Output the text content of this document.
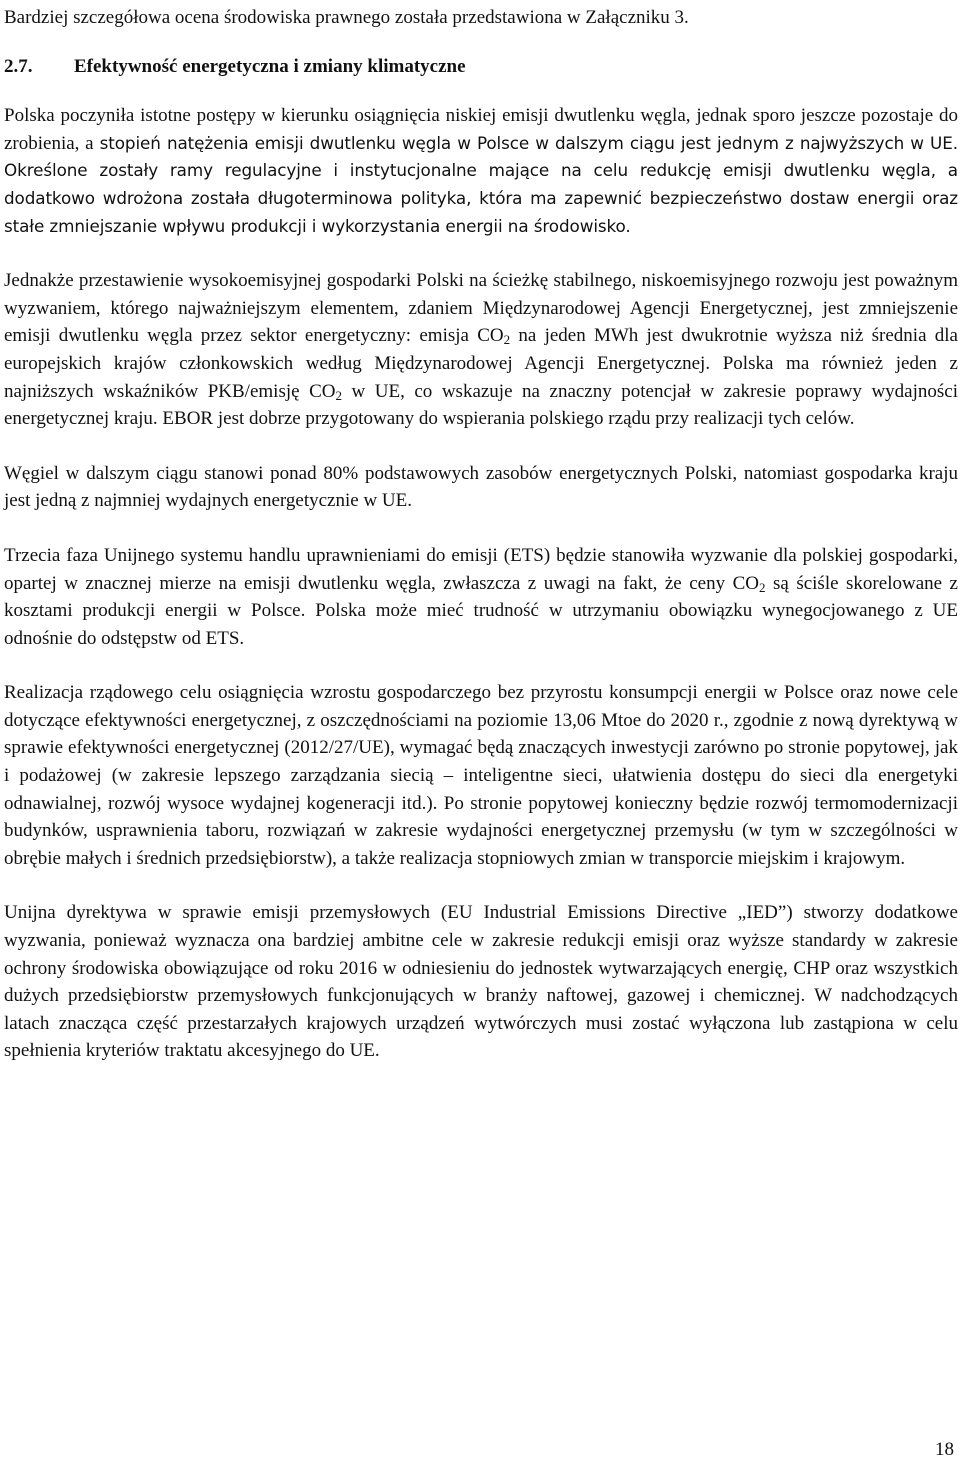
Bardziej szczegółowa ocena środowiska prawnego została przedstawiona w Załączniku 3.

2.7. Efektywność energetyczna i zmiany klimatyczne

Polska poczyniła istotne postępy w kierunku osiągnięcia niskiej emisji dwutlenku węgla, jednak sporo jeszcze pozostaje do zrobienia, a stopień natężenia emisji dwutlenku węgla w Polsce w dalszym ciągu jest jednym z najwyższych w UE. Określone zostały ramy regulacyjne i instytucjonalne mające na celu redukcję emisji dwutlenku węgla, a dodatkowo wdrożona została długoterminowa polityka, która ma zapewnić bezpieczeństwo dostaw energii oraz stałe zmniejszanie wpływu produkcji i wykorzystania energii na środowisko.

Jednakże przestawienie wysokoemisyjnej gospodarki Polski na ścieżkę stabilnego, niskoemisyjnego rozwoju jest poważnym wyzwaniem, którego najważniejszym elementem, zdaniem Międzynarodowej Agencji Energetycznej, jest zmniejszenie emisji dwutlenku węgla przez sektor energetyczny: emisja $CO_2$ na jeden MWh jest dwukrotnie wyższa niż średnia dla europejskich krajów członkowskich według Międzynarodowej Agencji Energetycznej. Polska ma również jeden z najniższych wskaźników PKB/emisję $CO_2$ w UE, co wskazuje na znaczny potencjał w zakresie poprawy wydajności energetycznej kraju. EBOR jest dobrze przygotowany do wspierania polskiego rządu przy realizacji tych celów.

Węgiel w dalszym ciągu stanowi ponad 80% podstawowych zasobów energetycznych Polski, natomiast gospodarka kraju jest jedną z najmniej wydajnych energetycznie w UE.

Trzecia faza Unijnego systemu handlu uprawnieniami do emisji (ETS) będzie stanowiła wyzwanie dla polskiej gospodarki, opartej w znacznej mierze na emisji dwutlenku węgla, zwłaszcza z uwagi na fakt, że ceny $CO_2$ są ściśle skorelowane z kosztami produkcji energii w Polsce. Polska może mieć trudność w utrzymaniu obowiązku wynegocjowanego z UE odnośnie do odstępstw od ETS.

Realizacja rządowego celu osiągnięcia wzrostu gospodarczego bez przyrostu konsumpcji energii w Polsce oraz nowe cele dotyczące efektywności energetycznej, z oszczędnościami na poziomie 13,06 Mtoe do 2020 r., zgodnie z nową dyrektywą w sprawie efektywności energetycznej (2012/27/UE), wymagać będą znaczących inwestycji zarówno po stronie popytowej, jak i podażowej (w zakresie lepszego zarządzania siecią – inteligentne sieci, ułatwienia dostępu do sieci dla energetyki odnawialnej, rozwój wysoce wydajnej kogeneracji itd.). Po stronie popytowej konieczny będzie rozwój termomodernizacji budynków, usprawnienia taboru, rozwiązań w zakresie wydajności energetycznej przemysłu (w tym w szczególności w obrębie małych i średnich przedsiębiorstw), a także realizacja stopniowych zmian w transporcie miejskim i krajowym.

Unijna dyrektywa w sprawie emisji przemysłowych (EU Industrial Emissions Directive „IED”) stworzy dodatkowe wyzwania, ponieważ wyznacza ona bardziej ambitne cele w zakresie redukcji emisji oraz wyższe standardy w zakresie ochrony środowiska obowiązujące od roku 2016 w odniesieniu do jednostek wytwarzających energię, CHP oraz wszystkich dużych przedsiębiorstw przemysłowych funkcjonujących w branży naftowej, gazowej i chemicznej. W nadchodzących latach znacząca część przestarzałych krajowych urządzeń wytwórczych musi zostać wyłączona lub zastąpiona w celu spełnienia kryteriów traktatu akcesyjnego do UE.

18
